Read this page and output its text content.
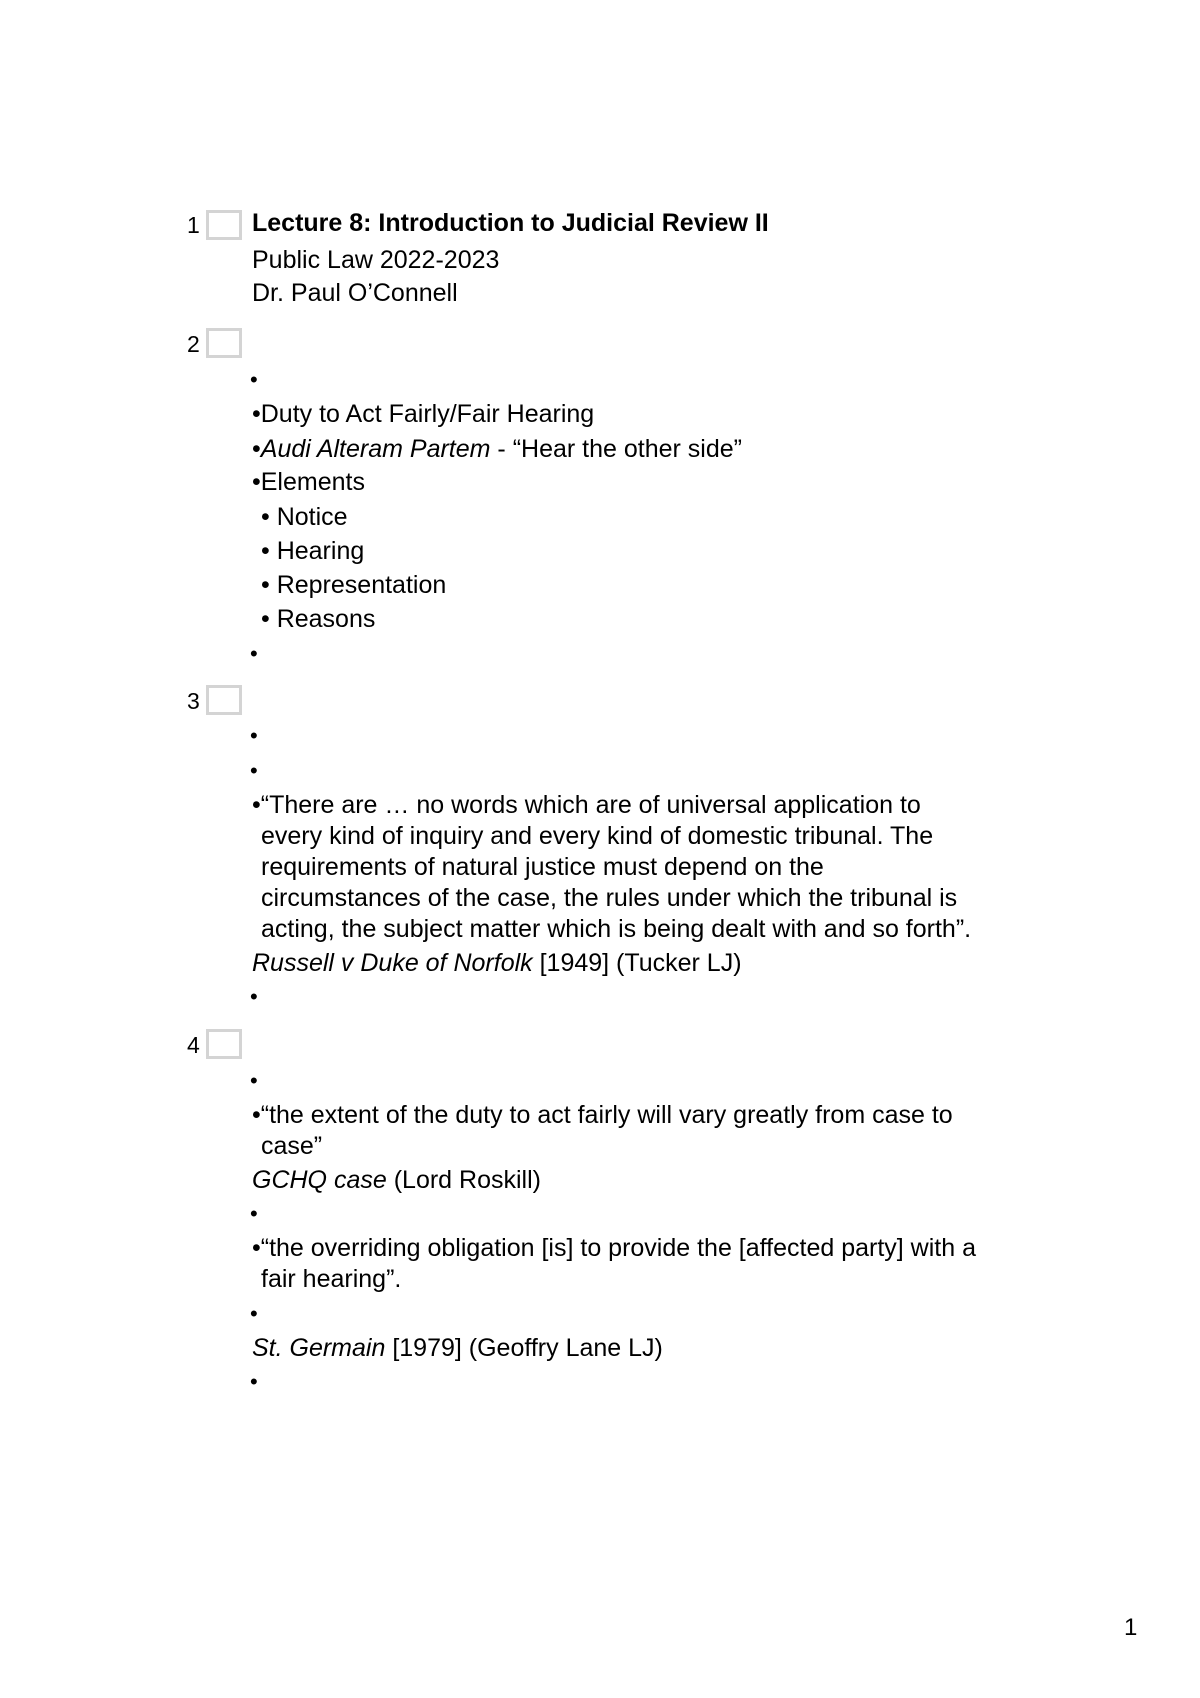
1 Lecture 8: Introduction to Judicial Review II
Public Law 2022-2023
Dr. Paul O’Connell
2
•
•Duty to Act Fairly/Fair Hearing
•Audi Alteram Partem - “Hear the other side”
•Elements
• Notice
• Hearing
• Representation
• Reasons
•
3
•
•
•“There are … no words which are of universal application to
every kind of inquiry and every kind of domestic tribunal. The
requirements of natural justice must depend on the
circumstances of the case, the rules under which the tribunal is
acting, the subject matter which is being dealt with and so forth”.
Russell v Duke of Norfolk [1949] (Tucker LJ)
•
4
•
•“the extent of the duty to act fairly will vary greatly from case to
case”
GCHQ case (Lord Roskill)
•
•“the overriding obligation [is] to provide the [affected party] with a
fair hearing”.
•
St. Germain [1979] (Geoffry Lane LJ)
•
1
